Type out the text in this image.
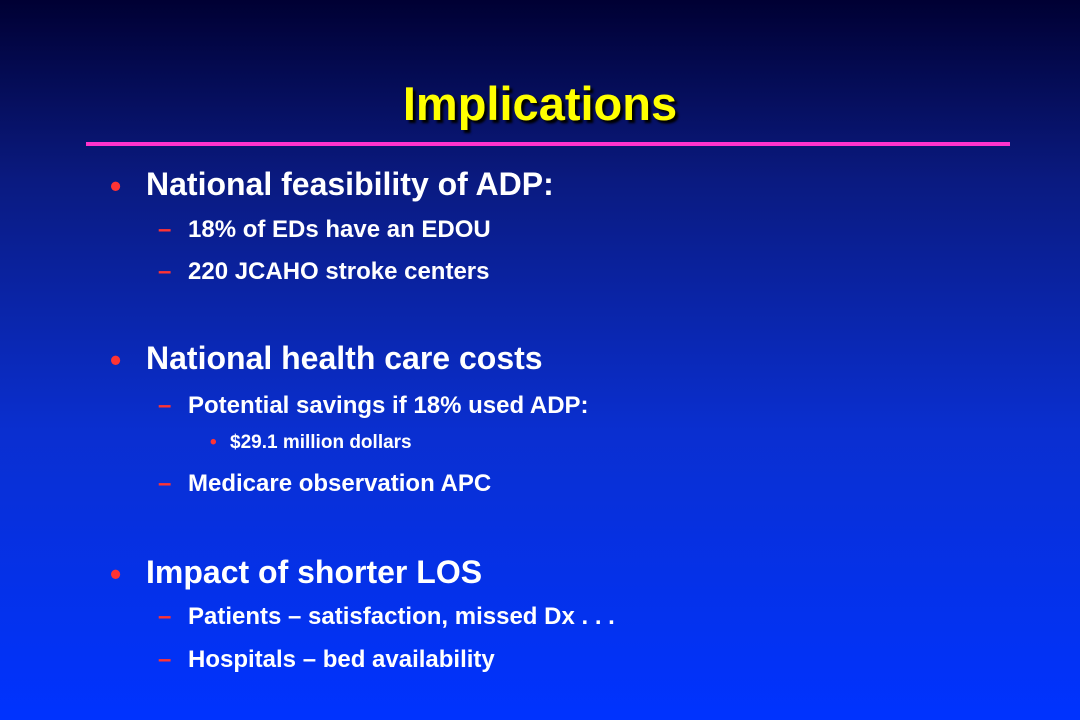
Implications
• National feasibility of ADP:
– 18% of EDs have an EDOU
– 220 JCAHO stroke centers
• National health care costs
– Potential savings if 18% used ADP:
• $29.1 million dollars
– Medicare observation APC
• Impact of shorter LOS
– Patients – satisfaction, missed Dx . . .
– Hospitals – bed availability
